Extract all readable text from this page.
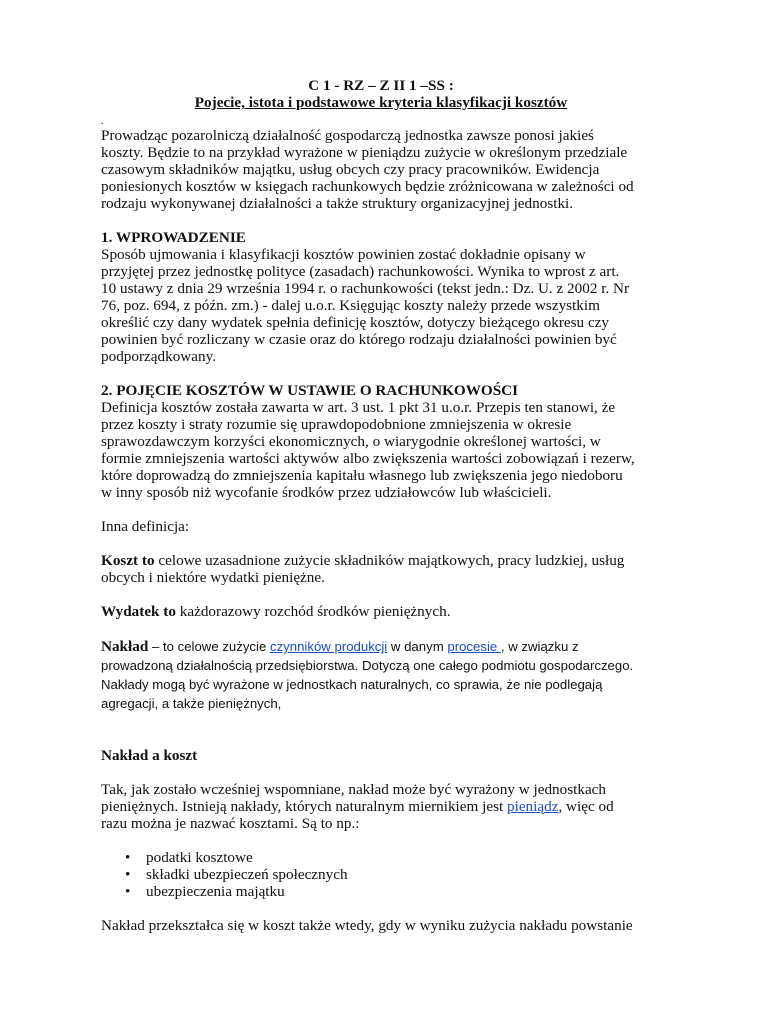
C 1 - RZ – Z II 1 –SS :

Pojecie, istota i podstawowe kryteria klasyfikacji kosztów

.

Prowadząc pozarolniczą działalność gospodarczą jednostka zawsze ponosi jakieś
koszty. Będzie to na przykład wyrażone w pieniądzu zużycie w określonym przedziale
czasowym składników majątku, usług obcych czy pracy pracowników. Ewidencja
poniesionych kosztów w księgach rachunkowych będzie zróżnicowana w zależności od
rodzaju wykonywanej działalności a także struktury organizacyjnej jednostki.

1. WPROWADZENIE

Sposób ujmowania i klasyfikacji kosztów powinien zostać dokładnie opisany w
przyjętej przez jednostkę polityce (zasadach) rachunkowości. Wynika to wprost z art.
10 ustawy z dnia 29 września 1994 r. o rachunkowości (tekst jedn.: Dz. U. z 2002 r. Nr
76, poz. 694, z późn. zm.) - dalej u.o.r. Księgując koszty należy przede wszystkim
określić czy dany wydatek spełnia definicję kosztów, dotyczy bieżącego okresu czy
powinien być rozliczany w czasie oraz do którego rodzaju działalności powinien być
podporządkowany.

2. POJĘCIE KOSZTÓW W USTAWIE O RACHUNKOWOŚCI

Definicja kosztów została zawarta w art. 3 ust. 1 pkt 31 u.o.r. Przepis ten stanowi, że
przez koszty i straty rozumie się uprawdopodobnione zmniejszenia w okresie
sprawozdawczym korzyści ekonomicznych, o wiarygodnie określonej wartości, w
formie zmniejszenia wartości aktywów albo zwiększenia wartości zobowiązań i rezerw,
które doprowadzą do zmniejszenia kapitału własnego lub zwiększenia jego niedoboru
w inny sposób niż wycofanie środków przez udziałowców lub właścicieli.

Inna definicja:

Koszt to celowe uzasadnione zużycie składników majątkowych, pracy ludzkiej, usług
obcych i niektóre wydatki pieniężne.

Wydatek to każdorazowy rozchód środków pieniężnych.

Nakład – to celowe zużycie czynników produkcji w danym procesie , w związku z
prowadzoną działalnością przedsiębiorstwa. Dotyczą one całego podmiotu gospodarczego.
Nakłady mogą być wyrażone w jednostkach naturalnych, co sprawia, że nie podlegają
agregacji, a także pieniężnych,

Nakład a koszt

Tak, jak zostało wcześniej wspomniane, nakład może być wyrażony w jednostkach
pieniężnych. Istnieją nakłady, których naturalnym miernikiem jest pieniądz, więc od
razu można je nazwać kosztami. Są to np.:

• podatki kosztowe
• składki ubezpieczeń społecznych
• ubezpieczenia majątku

Nakład przekształca się w koszt także wtedy, gdy w wyniku zużycia nakładu powstanie
